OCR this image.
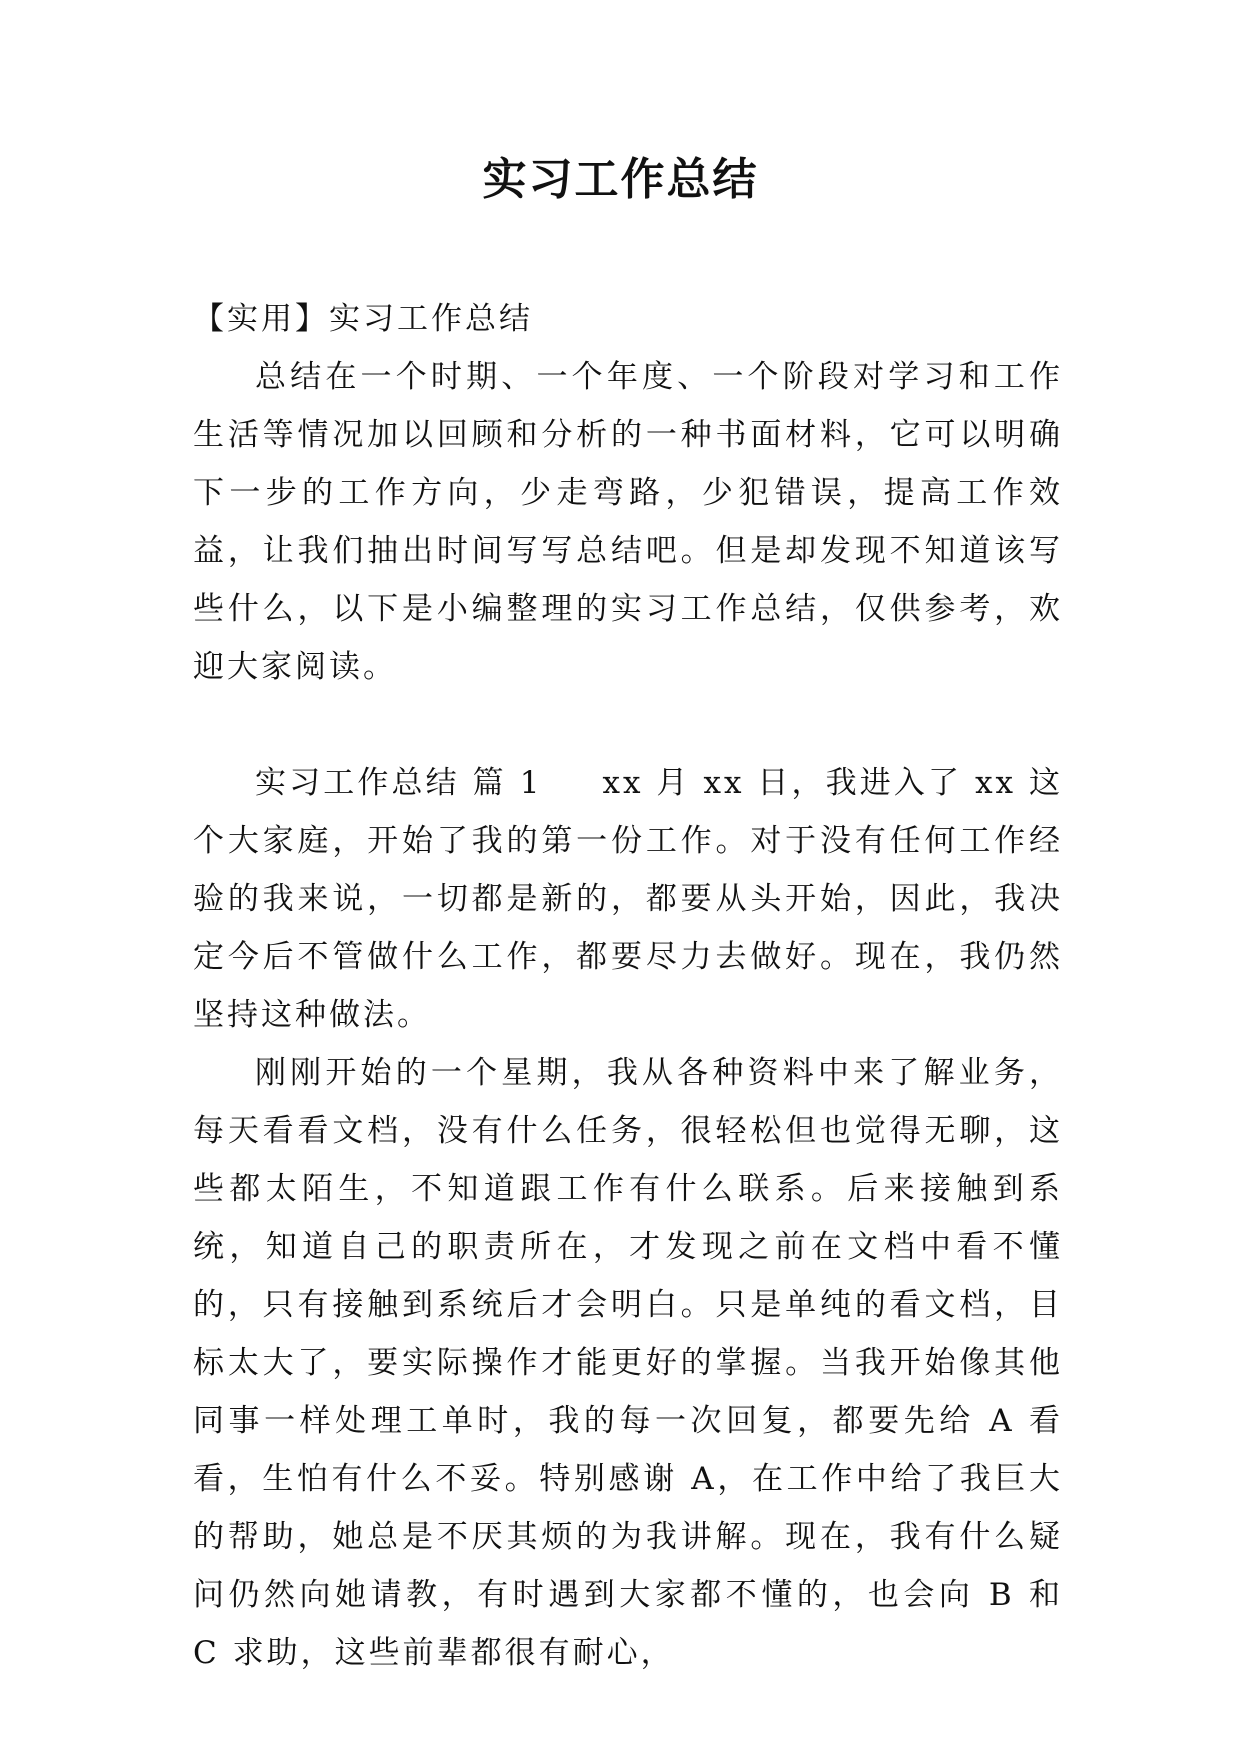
实习工作总结

【实用】实习工作总结

总结在一个时期、一个年度、一个阶段对学习和工作生活等情况加以回顾和分析的一种书面材料，它可以明确下一步的工作方向，少走弯路，少犯错误，提高工作效益，让我们抽出时间写写总结吧。但是却发现不知道该写些什么，以下是小编整理的实习工作总结，仅供参考，欢迎大家阅读。

实习工作总结 篇 1 xx 月 xx 日，我进入了 xx 这个大家庭，开始了我的第一份工作。对于没有任何工作经验的我来说，一切都是新的，都要从头开始，因此，我决定今后不管做什么工作，都要尽力去做好。现在，我仍然坚持这种做法。

刚刚开始的一个星期，我从各种资料中来了解业务，每天看看文档，没有什么任务，很轻松但也觉得无聊，这些都太陌生，不知道跟工作有什么联系。后来接触到系统，知道自己的职责所在，才发现之前在文档中看不懂的，只有接触到系统后才会明白。只是单纯的看文档，目标太大了，要实际操作才能更好的掌握。当我开始像其他同事一样处理工单时，我的每一次回复，都要先给 A 看看，生怕有什么不妥。特别感谢 A，在工作中给了我巨大的帮助，她总是不厌其烦的为我讲解。现在，我有什么疑问仍然向她请教，有时遇到大家都不懂的，也会向 B 和 C 求助，这些前辈都很有耐心，
